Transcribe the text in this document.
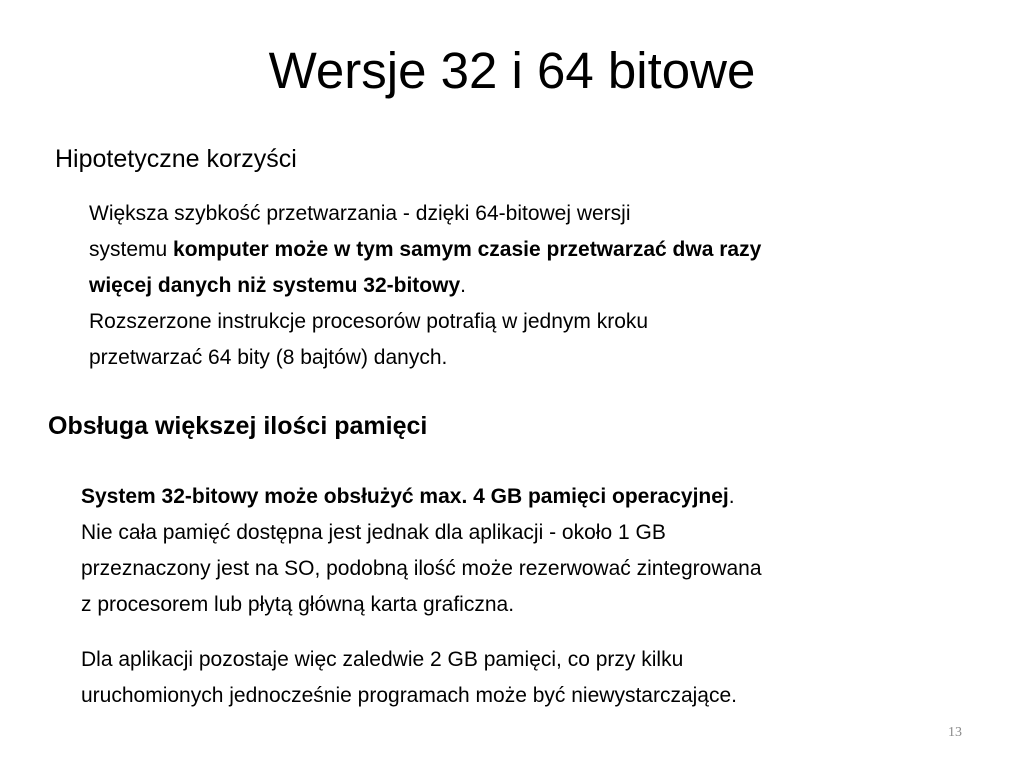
Wersje 32 i 64 bitowe
Hipotetyczne korzyści
Większa szybkość przetwarzania - dzięki 64-bitowej wersji
systemu komputer może w tym samym czasie przetwarzać dwa razy
więcej danych niż systemu 32-bitowy.
Rozszerzone instrukcje procesorów potrafią w jednym kroku
przetwarzać 64 bity (8 bajtów) danych.
Obsługa większej ilości pamięci
System 32-bitowy może obsłużyć max. 4 GB pamięci operacyjnej.
Nie cała pamięć dostępna jest jednak dla aplikacji - około 1 GB
przeznaczony jest na SO, podobną ilość może rezerwować zintegrowana
z procesorem lub płytą główną karta graficzna.
Dla aplikacji pozostaje więc zaledwie 2 GB pamięci, co przy kilku
uruchomionych jednocześnie programach może być niewystarczające.
13
